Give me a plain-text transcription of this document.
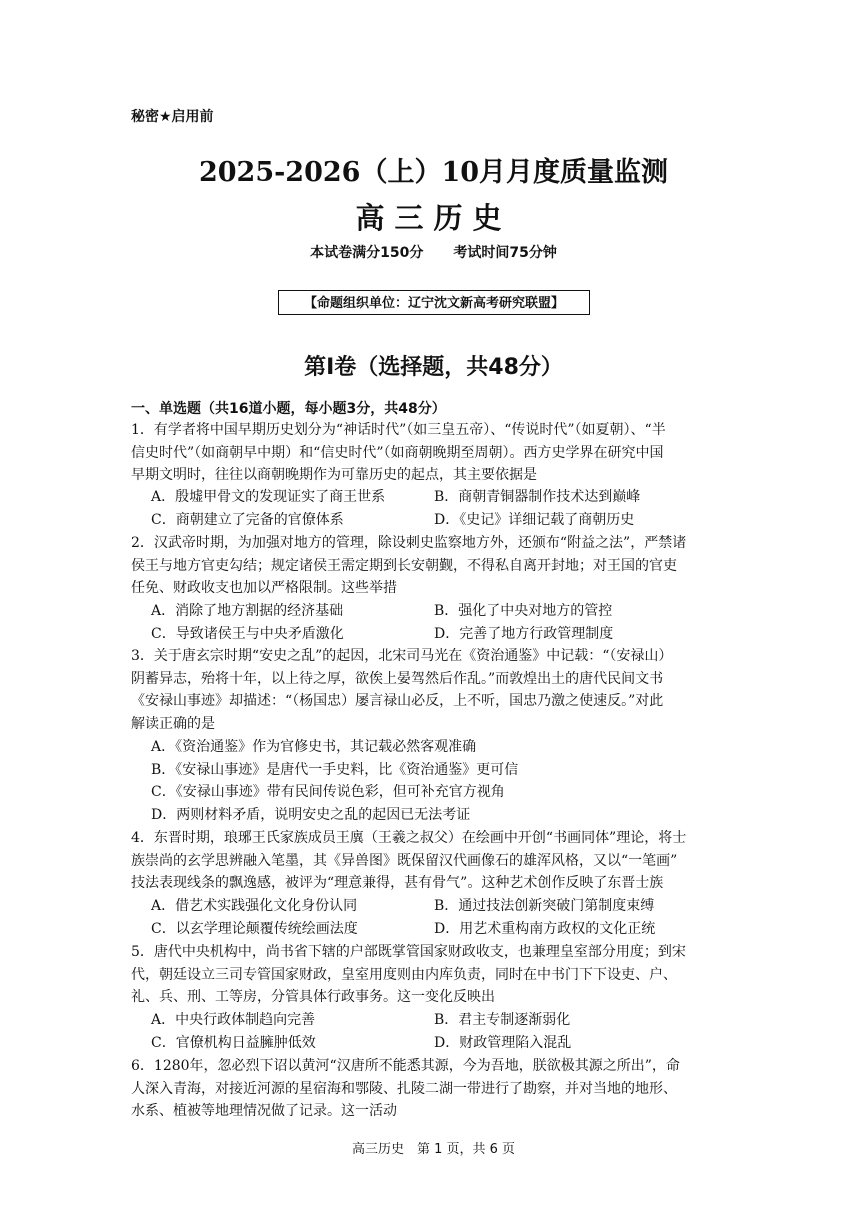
秘密★启用前
2025-2026（上）10月月度质量监测
高三历史
本试卷满分150分 考试时间75分钟
【命题组织单位：辽宁沈文新高考研究联盟】
第Ⅰ卷（选择题，共48分）
一、单选题（共16道小题，每小题3分，共48分）

1．有学者将中国早期历史划分为“神话时代”（如三皇五帝）、“传说时代”（如夏朝）、“半

信史时代”（如商朝早中期）和“信史时代”（如商朝晚期至周朝）。西方史学界在研究中国

早期文明时，往往以商朝晚期作为可靠历史的起点，其主要依据是

A．殷墟甲骨文的发现证实了商王世系	B．商朝青铜器制作技术达到巅峰
C．商朝建立了完备的官僚体系	D．《史记》详细记载了商朝历史

2．汉武帝时期，为加强对地方的管理，除设刺史监察地方外，还颁布“附益之法”，严禁诸

侯王与地方官吏勾结；规定诸侯王需定期到长安朝觐，不得私自离开封地；对王国的官吏

任免、财政收支也加以严格限制。这些举措

A．消除了地方割据的经济基础	B．强化了中央对地方的管控
C．导致诸侯王与中央矛盾激化	D．完善了地方行政管理制度

3．关于唐玄宗时期“安史之乱”的起因，北宋司马光在《资治通鉴》中记载：“（安禄山）

阴蓄异志，殆将十年，以上待之厚，欲俟上晏驾然后作乱。”而敦煌出土的唐代民间文书

《安禄山事迹》却描述：“（杨国忠）屡言禄山必反，上不听，国忠乃激之使速反。”对此

解读正确的是

A．《资治通鉴》作为官修史书，其记载必然客观准确
B．《安禄山事迹》是唐代一手史料，比《资治通鉴》更可信
C．《安禄山事迹》带有民间传说色彩，但可补充官方视角
D．两则材料矛盾，说明安史之乱的起因已无法考证

4．东晋时期，琅琊王氏家族成员王廙（王羲之叔父）在绘画中开创“书画同体”理论，将士

族崇尚的玄学思辨融入笔墨，其《异兽图》既保留汉代画像石的雄浑风格，又以“一笔画”

技法表现线条的飘逸感，被评为“理意兼得，甚有骨气”。这种艺术创作反映了东晋士族

A．借艺术实践强化文化身份认同	B．通过技法创新突破门第制度束缚
C．以玄学理论颠覆传统绘画法度	D．用艺术重构南方政权的文化正统

5．唐代中央机构中，尚书省下辖的户部既掌管国家财政收支，也兼理皇室部分用度；到宋

代，朝廷设立三司专管国家财政，皇室用度则由内库负责，同时在中书门下下设吏、户、

礼、兵、刑、工等房，分管具体行政事务。这一变化反映出

A．中央行政体制趋向完善	B．君主专制逐渐弱化
C．官僚机构日益臃肿低效	D．财政管理陷入混乱

6．1280年，忽必烈下诏以黄河“汉唐所不能悉其源，今为吾地，朕欲极其源之所出”，命

人深入青海，对接近河源的星宿海和鄂陵、扎陵二湖一带进行了勘察，并对当地的地形、

水系、植被等地理情况做了记录。这一活动

高三历史　第 1 页，共 6 页
